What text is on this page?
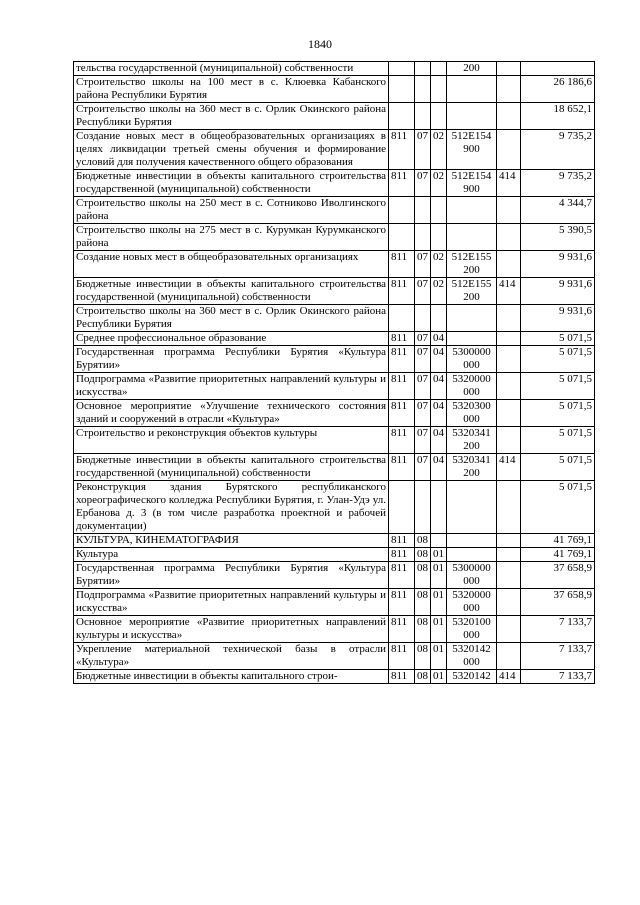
1840
тельства государственной (муниципальной) собственности				200		
Строительство школы на 100 мест в с. Клюевка Кабанского района Республики Бурятия						26 186,6
Строительство школы на 360 мест в с. Орлик Окинского района Республики Бурятия						18 652,1
Создание новых мест в общеобразовательных организациях в целях ликвидации третьей смены обучения и формирование условий для получения качественного общего образования	811	07	02	512E154 900		9 735,2
Бюджетные инвестиции в объекты капитального строительства государственной (муниципальной) собственности	811	07	02	512E154 900	414	9 735,2
Строительство школы на 250 мест в с. Сотниково Иволгинского района						4 344,7
Строительство школы на 275 мест в с. Курумкан Курумканского района						5 390,5
Создание новых мест в общеобразовательных организациях	811	07	02	512E155 200		9 931,6
Бюджетные инвестиции в объекты капитального строительства государственной (муниципальной) собственности	811	07	02	512E155 200	414	9 931,6
Строительство школы на 360 мест в с. Орлик Окинского района Республики Бурятия						9 931,6
Среднее профессиональное образование	811	07	04			5 071,5
Государственная программа Республики Бурятия «Культура Бурятии»	811	07	04	5300000 000		5 071,5
Подпрограмма «Развитие приоритетных направлений культуры и искусства»	811	07	04	5320000 000		5 071,5
Основное мероприятие «Улучшение технического состояния зданий и сооружений в отрасли «Культура»	811	07	04	5320300 000		5 071,5
Строительство и реконструкция объектов культуры	811	07	04	5320341 200		5 071,5
Бюджетные инвестиции в объекты капитального строительства государственной (муниципальной) собственности	811	07	04	5320341 200	414	5 071,5
Реконструкция здания Бурятского республиканского хореографического колледжа Республики Бурятия, г. Улан-Удэ ул. Ербанова д. 3 (в том числе разработка проектной и рабочей документации)						5 071,5
КУЛЬТУРА, КИНЕМАТОГРАФИЯ	811	08				41 769,1
Культура	811	08	01			41 769,1
Государственная программа Республики Бурятия «Культура Бурятии»	811	08	01	5300000 000		37 658,9
Подпрограмма «Развитие приоритетных направлений культуры и искусства»	811	08	01	5320000 000		37 658,9
Основное мероприятие «Развитие приоритетных направлений культуры и искусства»	811	08	01	5320100 000		7 133,7
Укрепление материальной технической базы в отрасли «Культура»	811	08	01	5320142 000		7 133,7
Бюджетные инвестиции в объекты капитального строи-	811	08	01	5320142	414	7 133,7
